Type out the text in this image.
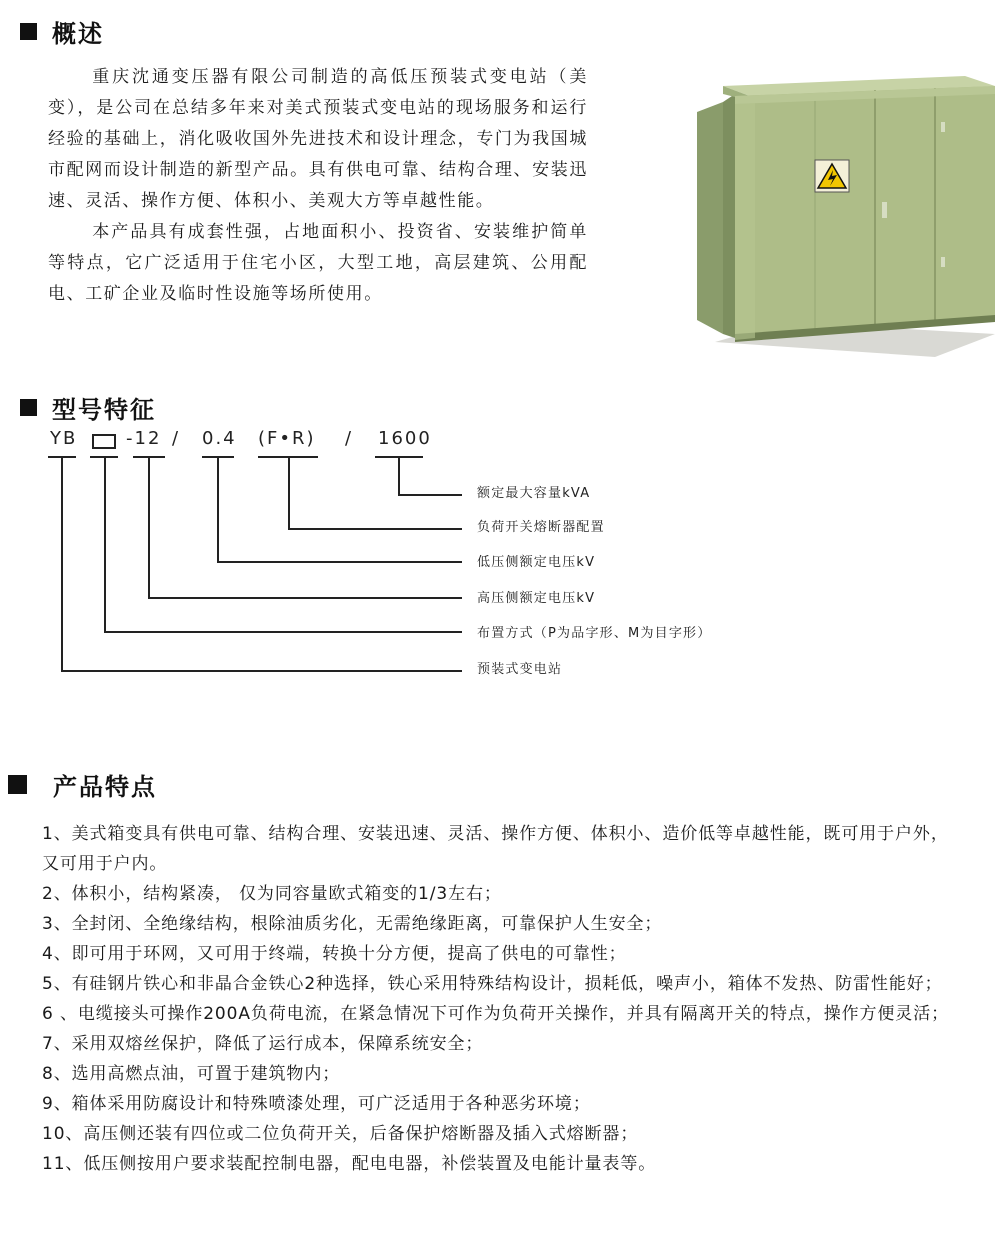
概述

重庆沈通变压器有限公司制造的高低压预装式变电站（美变），是公司在总结多年来对美式预装式变电站的现场服务和运行经验的基础上，消化吸收国外先进技术和设计理念，专门为我国城市配网而设计制造的新型产品。具有供电可靠、结构合理、安装迅速、灵活、操作方便、体积小、美观大方等卓越性能。

本产品具有成套性强，占地面积小、投资省、安装维护简单等特点，它广泛适用于住宅小区，大型工地，高层建筑、公用配电、工矿企业及临时性设施等场所使用。

型号特征
YB	-12 / 0.4 (F•R) / 1600
额定最大容量kVA
负荷开关熔断器配置
低压侧额定电压kV
高压侧额定电压kV
布置方式（P为品字形、M为目字形）
预装式变电站
产品特点

1、美式箱变具有供电可靠、结构合理、安装迅速、灵活、操作方便、体积小、造价低等卓越性能，既可用于户外，又可用于户内。

2、体积小，结构紧凑， 仅为同容量欧式箱变的1/3左右；

3、全封闭、全绝缘结构，根除油质劣化，无需绝缘距离，可靠保护人生安全；

4、即可用于环网，又可用于终端，转换十分方便，提高了供电的可靠性；

5、有硅钢片铁心和非晶合金铁心2种选择，铁心采用特殊结构设计，损耗低，噪声小，箱体不发热、防雷性能好；

6 、电缆接头可操作200A负荷电流，在紧急情况下可作为负荷开关操作，并具有隔离开关的特点，操作方便灵活；

7、采用双熔丝保护，降低了运行成本，保障系统安全；

8、选用高燃点油，可置于建筑物内；

9、箱体采用防腐设计和特殊喷漆处理，可广泛适用于各种恶劣环境；

10、高压侧还装有四位或二位负荷开关，后备保护熔断器及插入式熔断器；

11、低压侧按用户要求装配控制电器，配电电器，补偿装置及电能计量表等。
